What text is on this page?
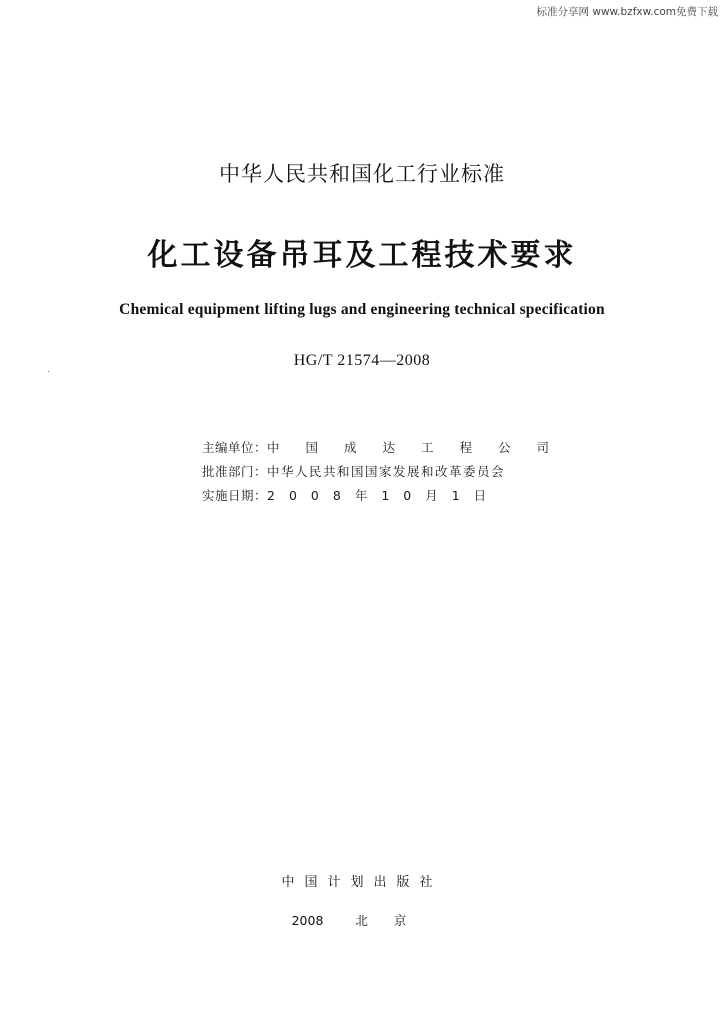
标准分享网 www.bzfxw.com免费下载
中华人民共和国化工行业标准
化工设备吊耳及工程技术要求
Chemical equipment lifting lugs and engineering technical specification
HG/T 21574—2008
主编单位： 中国成达工程公司
批准部门： 中华人民共和国国家发展和改革委员会
实施日期： 2008年10月1日
中国计划出版社
2008	北京
